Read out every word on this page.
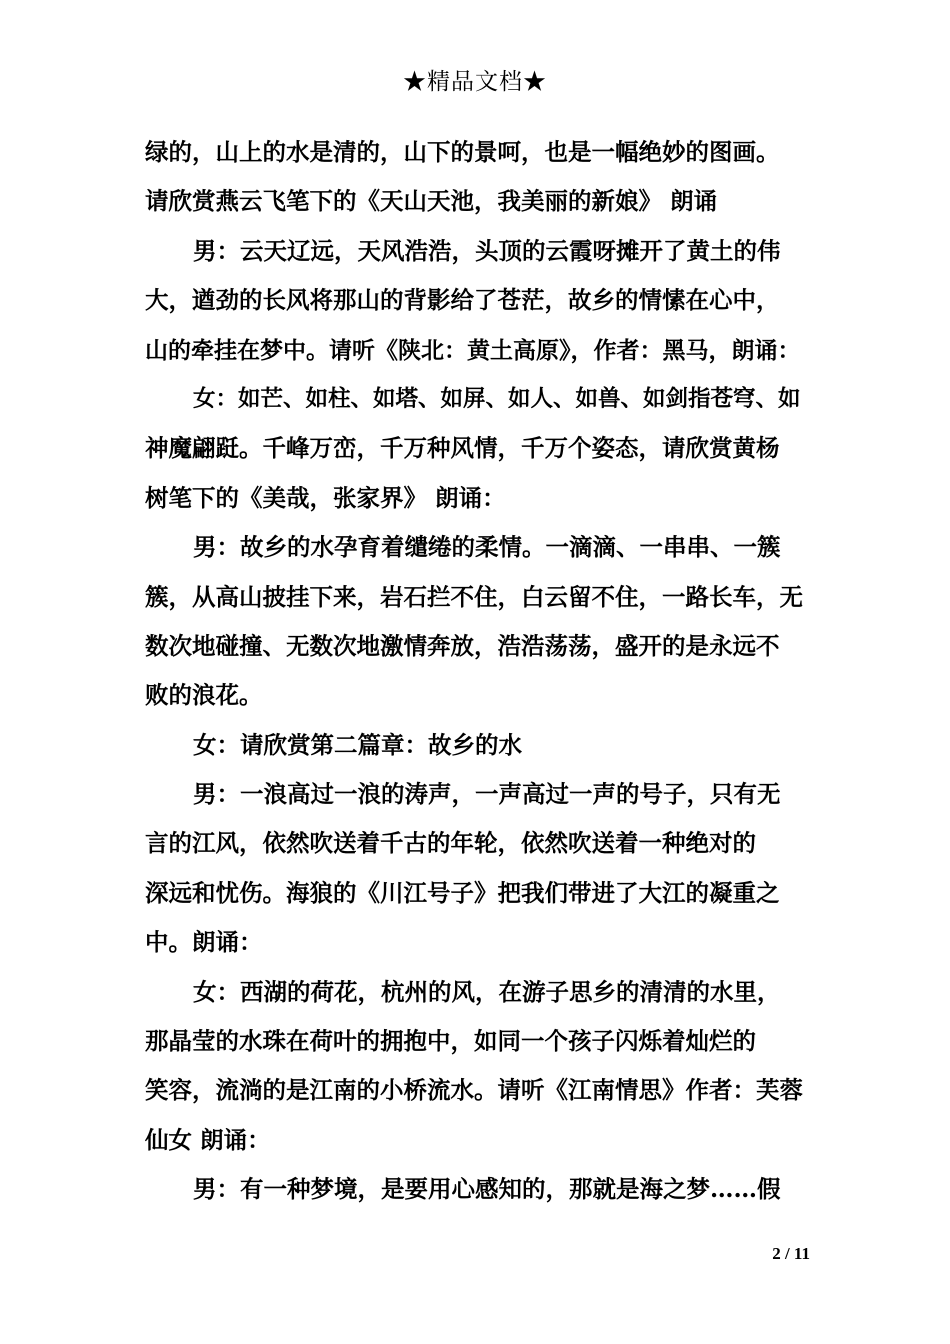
★精品文档★
绿的，山上的水是清的，山下的景呵，也是一幅绝妙的图画。
请欣赏燕云飞笔下的《天山天池，我美丽的新娘》 朗诵
男：云天辽远，天风浩浩，头顶的云霞呀摊开了黄土的伟
大，遒劲的长风将那山的背影给了苍茫，故乡的情愫在心中，
山的牵挂在梦中。请听《陕北：黄土高原》，作者：黑马，朗诵：
女：如芒、如柱、如塔、如屏、如人、如兽、如剑指苍穹、如
神魔翩跹。千峰万峦，千万种风情，千万个姿态，请欣赏黄杨
树笔下的《美哉，张家界》 朗诵：
男：故乡的水孕育着缱绻的柔情。一滴滴、一串串、一簇
簇，从高山披挂下来，岩石拦不住，白云留不住，一路长车，无
数次地碰撞、无数次地激情奔放，浩浩荡荡，盛开的是永远不
败的浪花。
女：请欣赏第二篇章：故乡的水
男：一浪高过一浪的涛声，一声高过一声的号子，只有无
言的江风，依然吹送着千古的年轮，依然吹送着一种绝对的
深远和忧伤。海狼的《川江号子》把我们带进了大江的凝重之
中。朗诵：
女：西湖的荷花，杭州的风，在游子思乡的清清的水里，
那晶莹的水珠在荷叶的拥抱中，如同一个孩子闪烁着灿烂的
笑容，流淌的是江南的小桥流水。请听《江南情思》作者：芙蓉
仙女 朗诵：
男：有一种梦境，是要用心感知的，那就是海之梦……假
2 / 11
